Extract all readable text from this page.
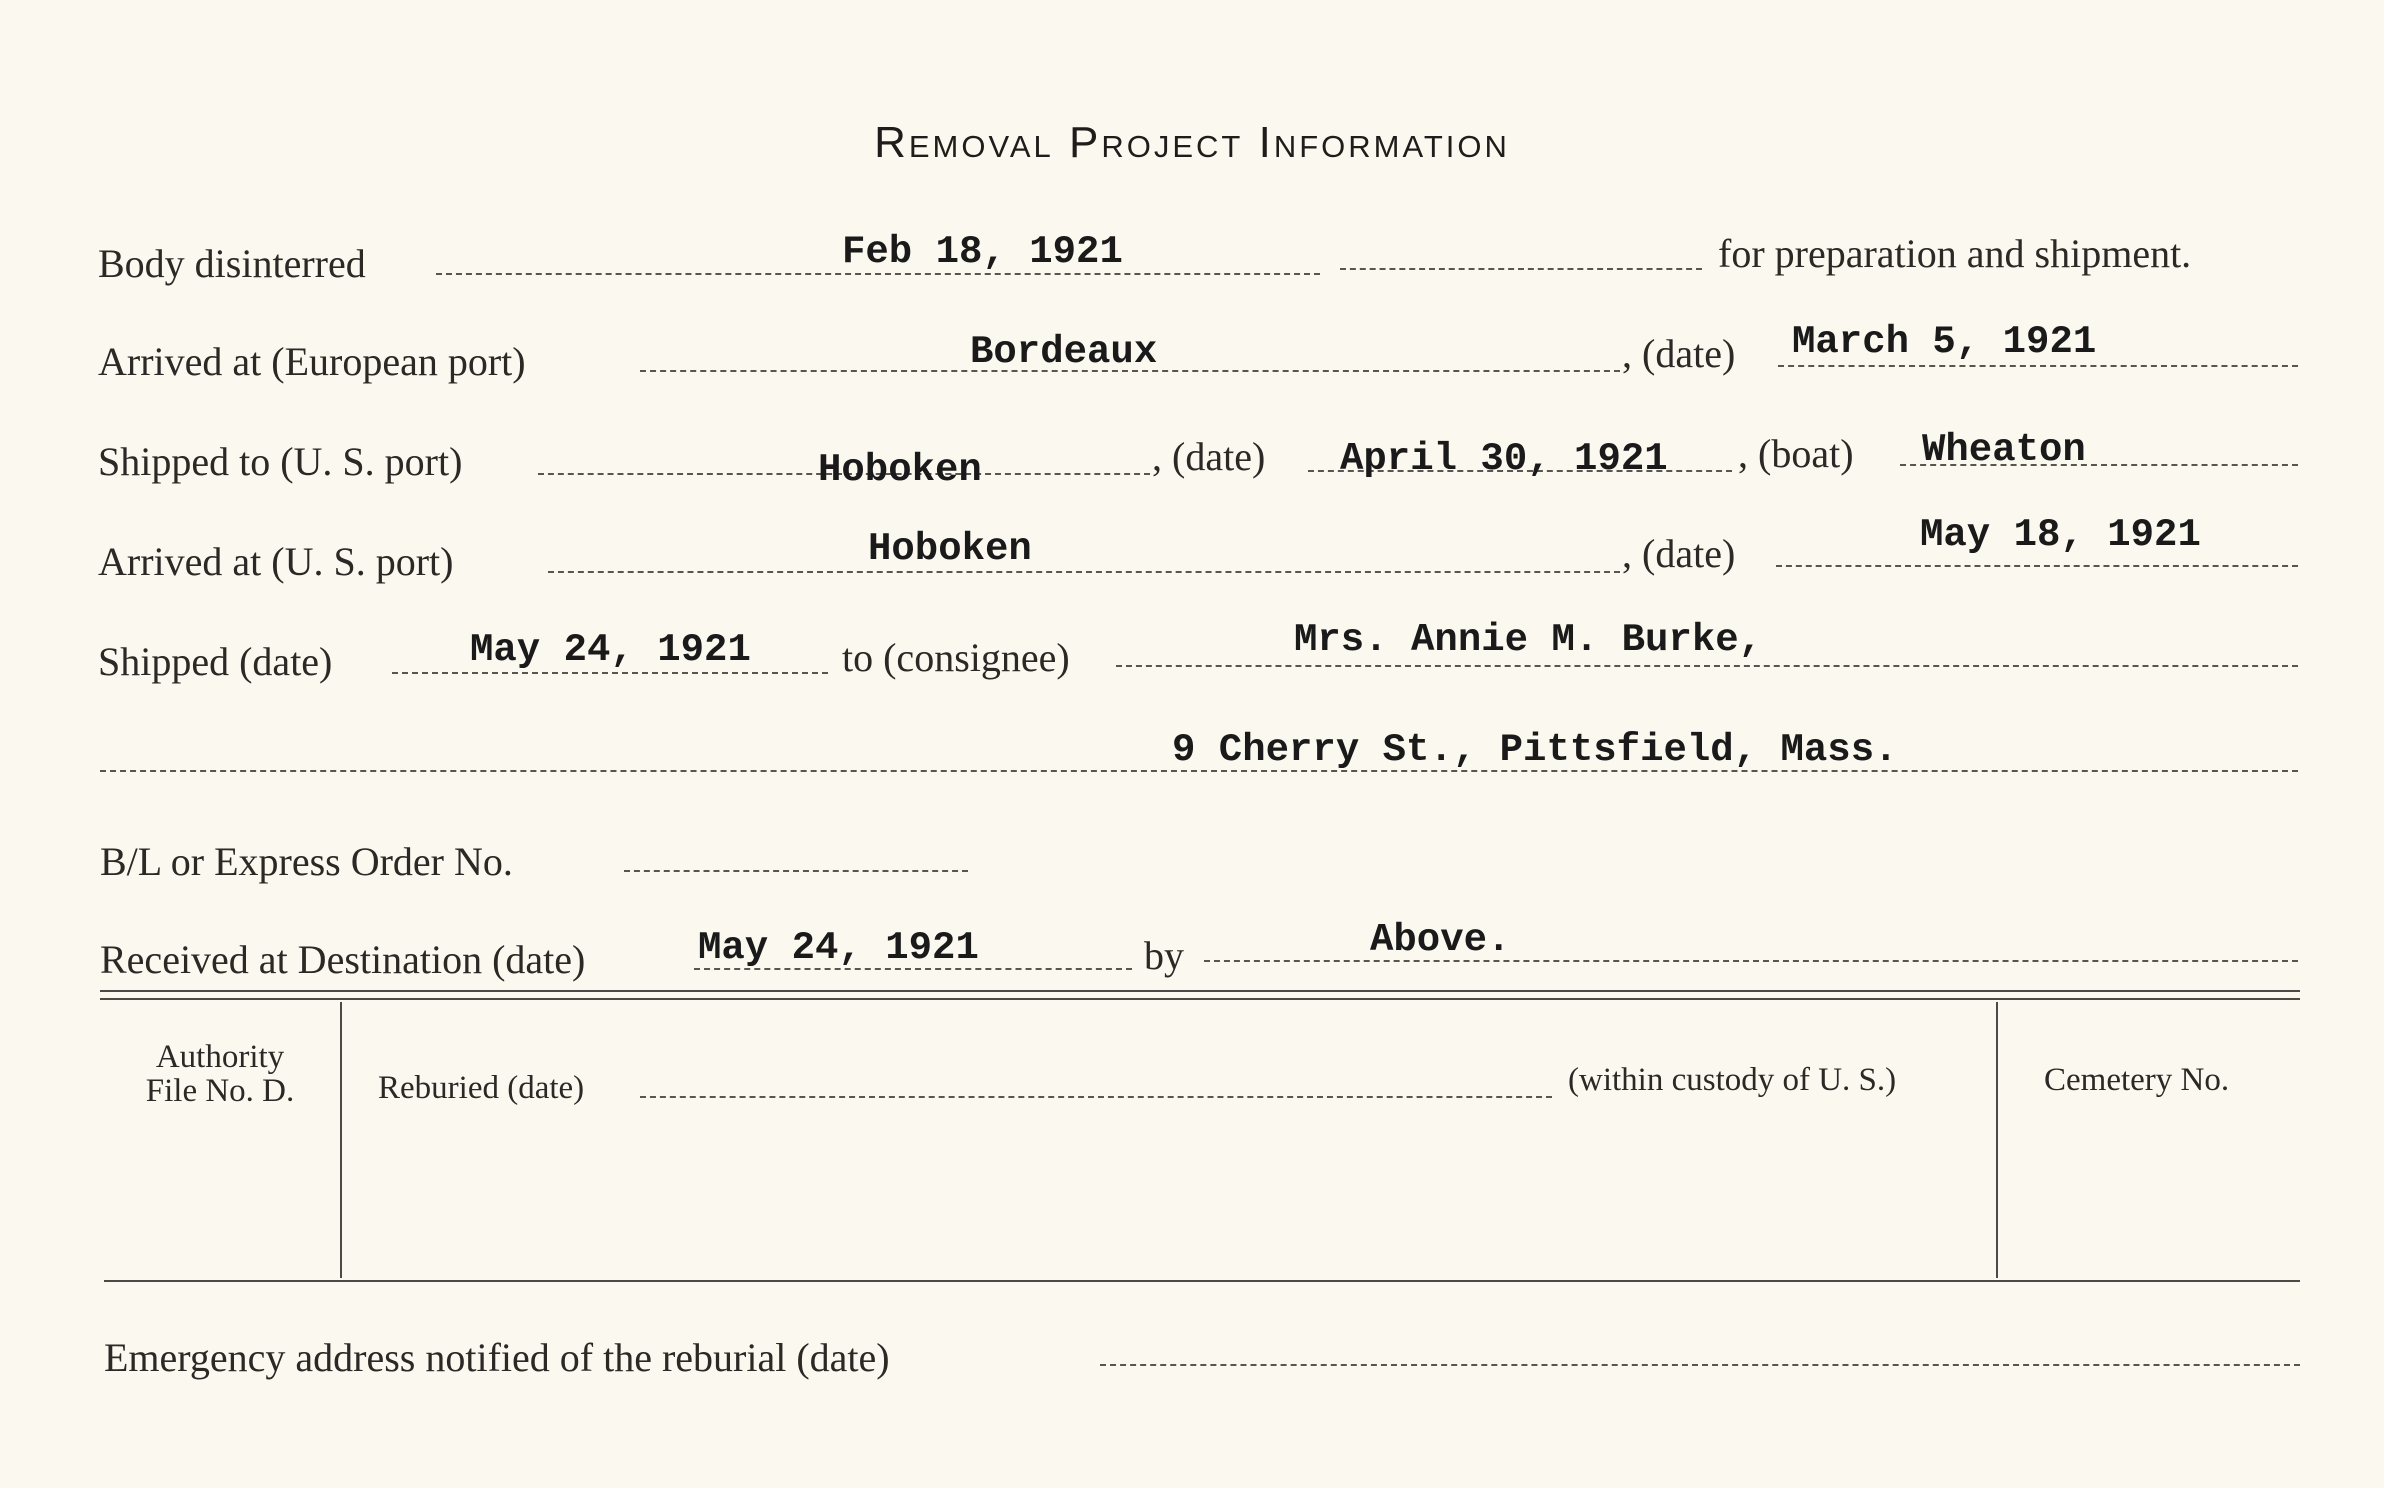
Removal Project Information
Body disinterred	Feb 18, 1921	for preparation and shipment.
Arrived at (European port)	Bordeaux	, (date) March 5, 1921
Shipped to (U. S. port)	Hoboken	, (date) April 30, 1921 , (boat) Wheaton
Arrived at (U. S. port)	Hoboken	, (date)	May 18, 1921
Shipped (date)	May 24, 1921 to (consignee)	Mrs. Annie M. Burke,
9 Cherry St., Pittsfield, Mass.
B/L or Express Order No.
Received at Destination (date)	May 24, 1921	by	Above.
Authority
File No. D.	Reburied (date)	(within custody of U. S.)	Cemetery No.
Emergency address notified of the reburial (date)
